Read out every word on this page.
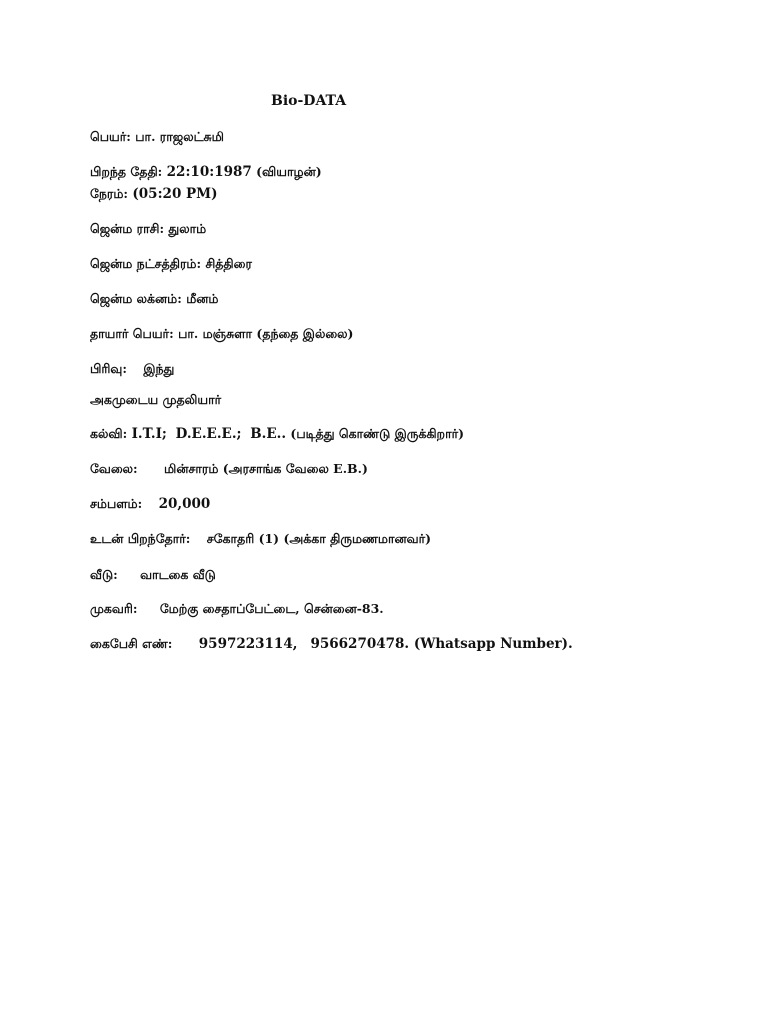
Bio-DATA
பெயர்: பா. ராஜலட்சுமி
பிறந்த தேதி: 22:10:1987 (வியாழன்)
நேரம்: (05:20 PM)
ஜென்ம ராசி: துலாம்
ஜென்ம நட்சத்திரம்: சித்திரை
ஜென்ம லக்னம்: மீனம்
தாயார் பெயர்: பா. மஞ்சுளா (தந்தை இல்லை)
பிரிவு: இந்து
அகமுடைய முதலியார்
கல்வி: I.T.I; D.E.E.E.; B.E.. (படித்து கொண்டு இருக்கிறார்)
வேலை: மின்சாரம் (அரசாங்க வேலை E.B.)
சம்பளம்: 20,000
உடன் பிறந்தோர்: சகோதரி (1) (அக்கா திருமணமானவர்)
வீடு: வாடகை வீடு
முகவரி: மேற்கு சைதாப்பேட்டை, சென்னை-83.
கைபேசி எண்: 9597223114, 9566270478. (Whatsapp Number).
